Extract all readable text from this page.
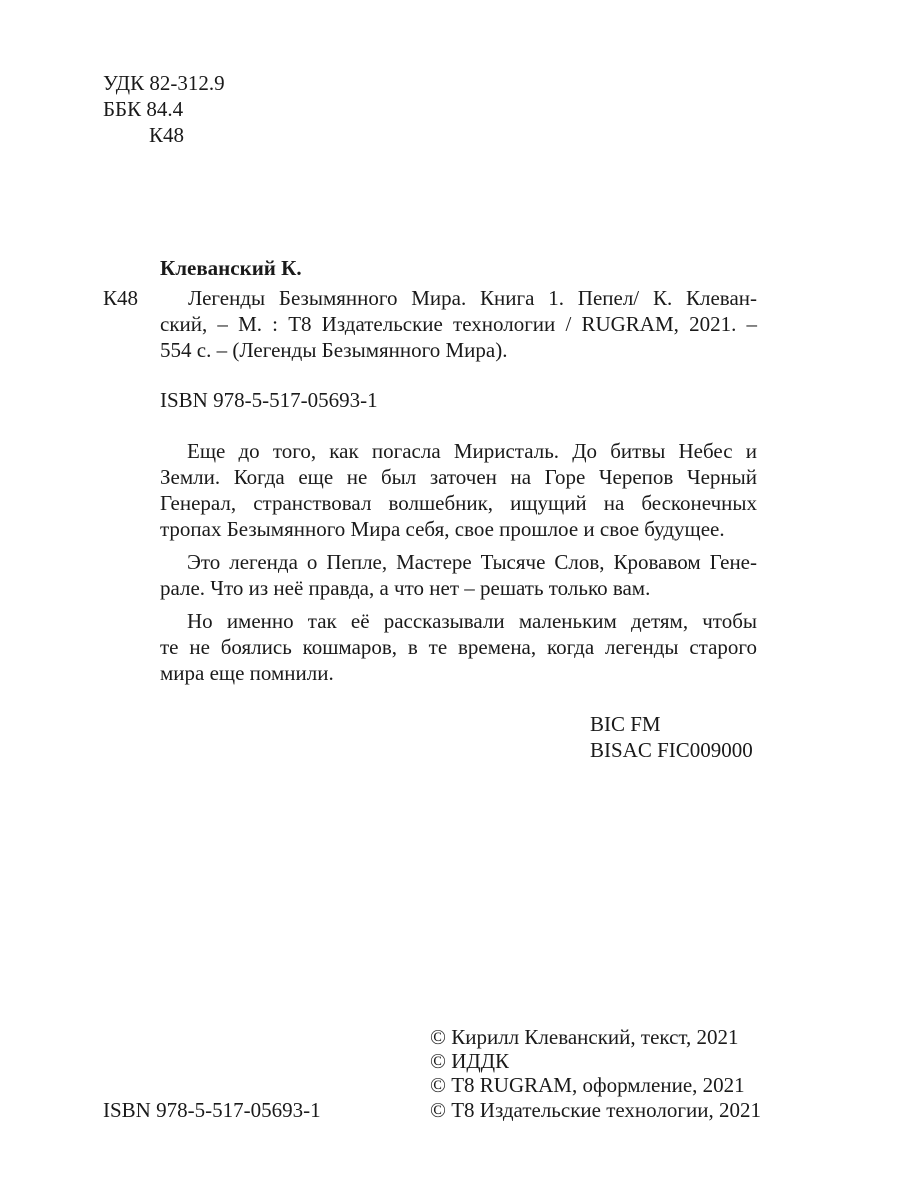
УДК 82-312.9
ББК 84.4
К48
Клеванский К.
К48	Легенды Безымянного Мира. Книга 1. Пепел/ К. Клеван-
ский, – М. : Т8 Издательские технологии / RUGRAM, 2021. –
554 с. – (Легенды Безымянного Мира).
ISBN 978-5-517-05693-1
Еще до того, как погасла Миристаль. До битвы Небес и
Земли. Когда еще не был заточен на Горе Черепов Черный
Генерал, странствовал волшебник, ищущий на бесконечных
тропах Безымянного Мира себя, свое прошлое и свое будущее.
Это легенда о Пепле, Мастере Тысяче Слов, Кровавом Гене-
рале. Что из неё правда, а что нет – решать только вам.
Но именно так её рассказывали маленьким детям, чтобы
те не боялись кошмаров, в те времена, когда легенды старого
мира еще помнили.
BIC FM
BISAC FIC009000
© Кирилл Клеванский, текст, 2021
© ИДДК
© Т8 RUGRAM, оформление, 2021
© Т8 Издательские технологии, 2021
ISBN 978-5-517-05693-1
